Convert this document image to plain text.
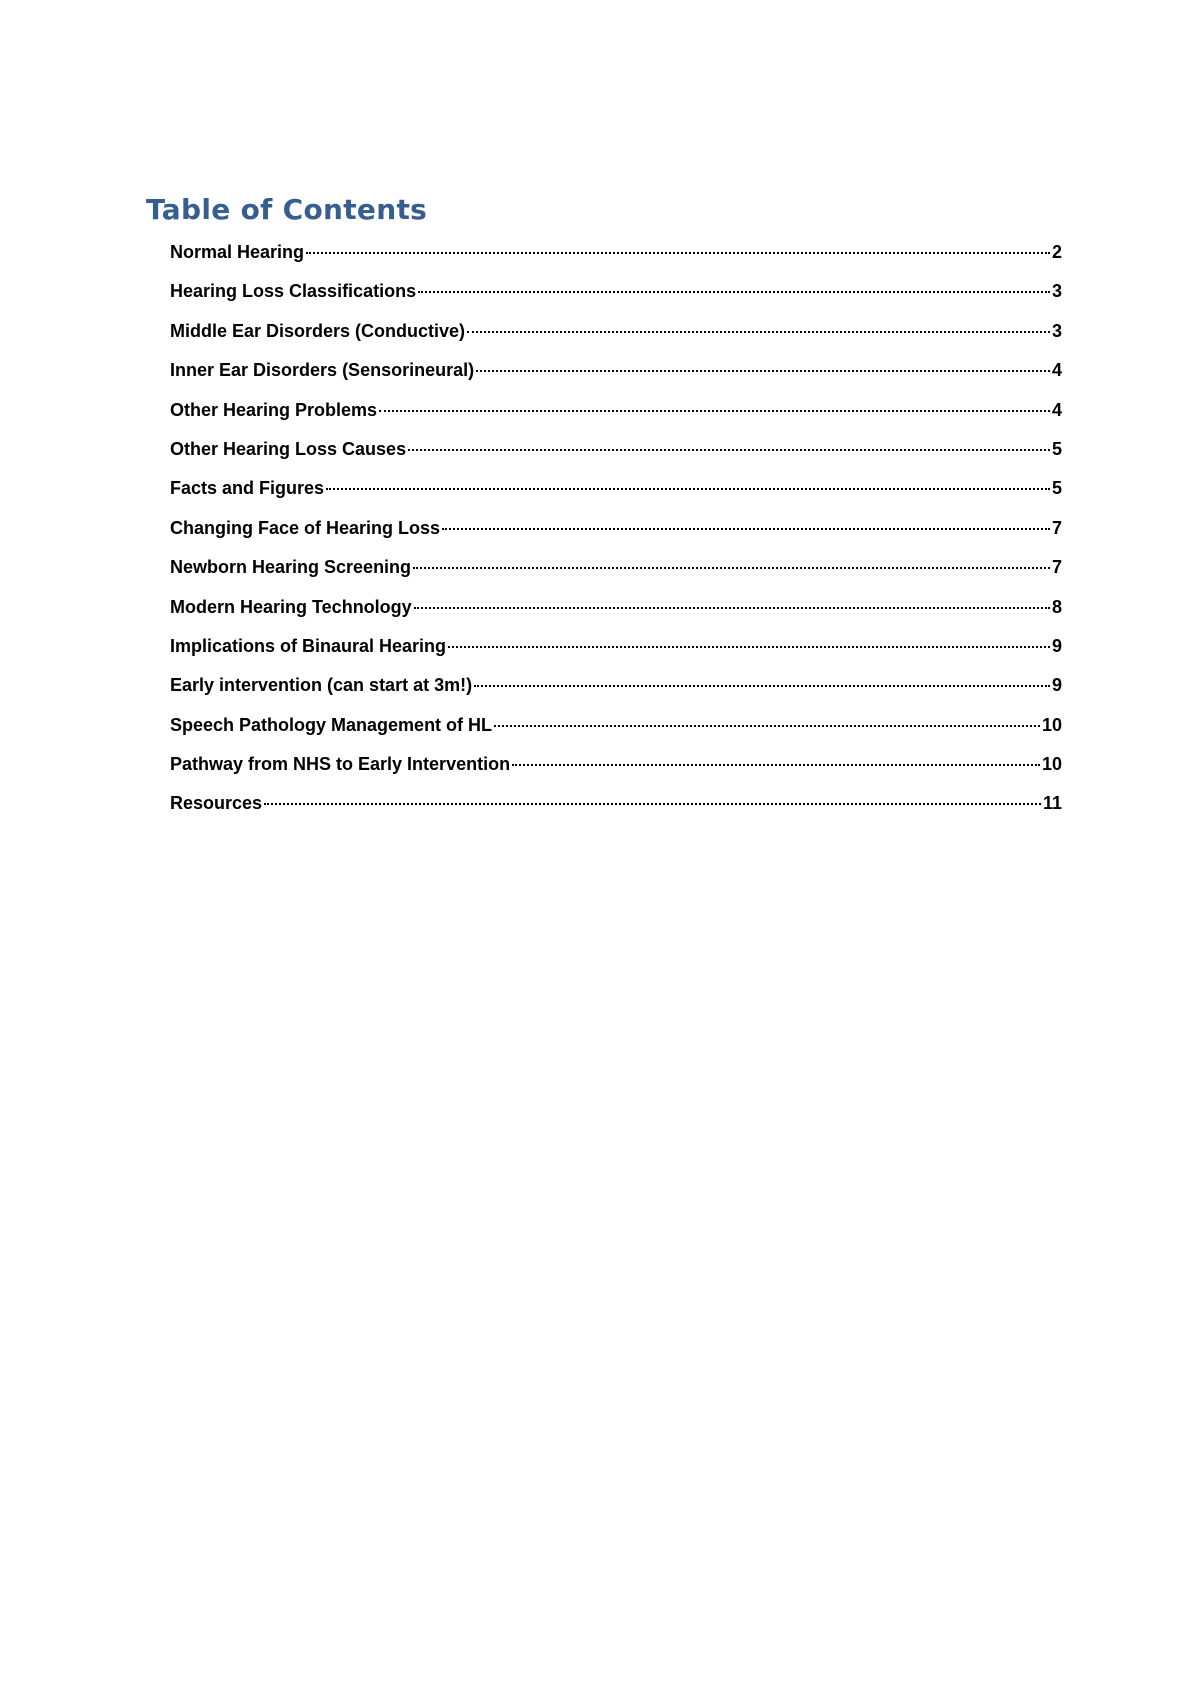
Table of Contents
Normal Hearing	2
Hearing Loss Classifications	3
Middle Ear Disorders (Conductive)	3
Inner Ear Disorders (Sensorineural)	4
Other Hearing Problems	4
Other Hearing Loss Causes	5
Facts and Figures	5
Changing Face of Hearing Loss	7
Newborn Hearing Screening	7
Modern Hearing Technology	8
Implications of Binaural Hearing	9
Early intervention (can start at 3m!)	9
Speech Pathology Management of HL	10
Pathway from NHS to Early Intervention	10
Resources	11
